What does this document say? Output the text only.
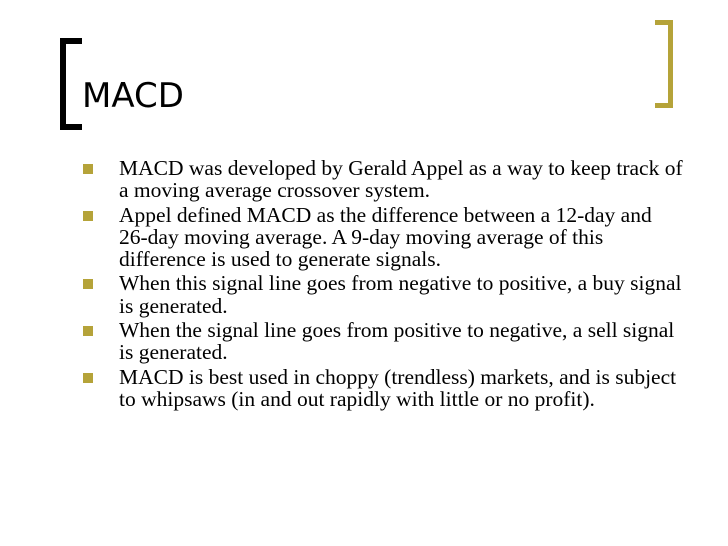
MACD
MACD was developed by Gerald Appel as a way to keep track of a moving average crossover system.
Appel defined MACD as the difference between a 12-day and 26-day moving average. A 9-day moving average of this difference is used to generate signals.
When this signal line goes from negative to positive, a buy signal is generated.
When the signal line goes from positive to negative, a sell signal is generated.
MACD is best used in choppy (trendless) markets, and is subject to whipsaws (in and out rapidly with little or no profit).
